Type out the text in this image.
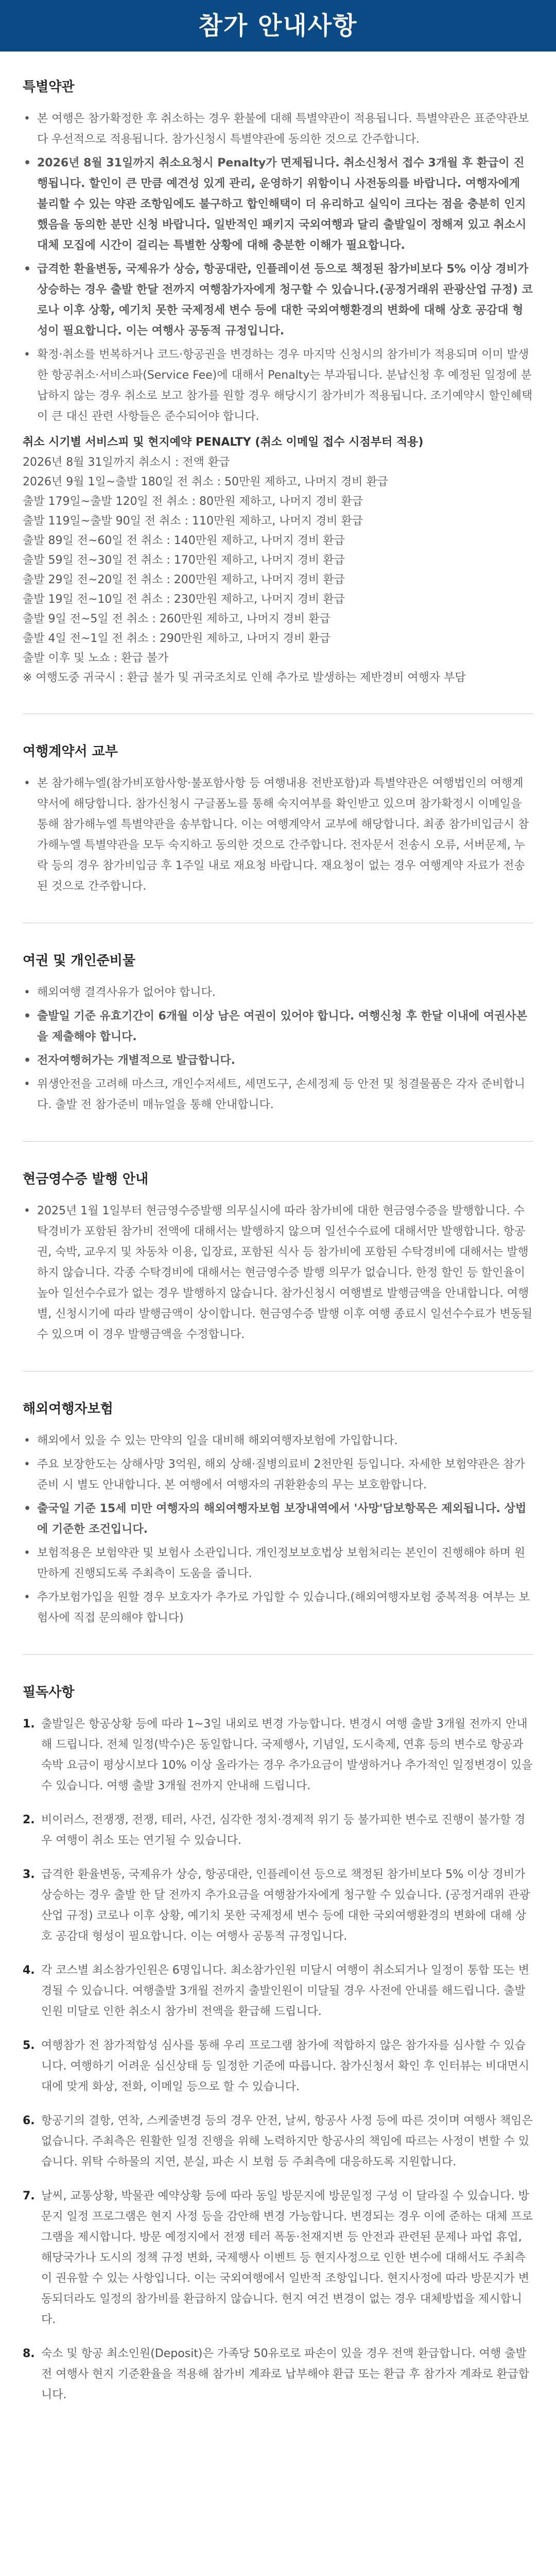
참가 안내사항
특별약관
• 본 여행은 참가확정한 후 취소하는 경우 환불에 대해 특별약관이 적용됩니다. 특별약관은 표준약관보다 우선적으로 적용됩니다. 참가신청시 특별약관에 동의한 것으로 간주합니다.
• 2026년 8월 31일까지 취소요청시 Penalty가 면제됩니다. 취소신청서 접수 3개월 후 환급이 진행됩니다. 할인이 큰 만큼 예견성 있게 관리, 운영하기 위함이니 사전동의를 바랍니다. 여행자에게 불리할 수 있는 약관 조항임에도 불구하고 합인해택이 더 유리하고 실익이 크다는 점을 충분히 인지했음을 동의한 분만 신청 바랍니다. 일반적인 패키지 국외여행과 달리 출발일이 정해져 있고 취소시 대체 모집에 시간이 걸리는 특별한 상황에 대해 충분한 이해가 필요합니다.
• 급격한 환율변동, 국제유가 상승, 항공대란, 인플레이션 등으로 책정된 참가비보다 5% 이상 경비가 상승하는 경우 출발 한달 전까지 여행참가자에게 청구할 수 있습니다.(공정거래위 관광산업 규정) 코로나 이후 상황, 예기치 못한 국제정세 변수 등에 대한 국외여행환경의 변화에 대해 상호 공감대 형성이 필요합니다. 이는 여행사 공동적 규정입니다.
• 확정·취소를 번복하거나 코드·항공권을 변경하는 경우 마지막 신청시의 참가비가 적용되며 이미 발생한 항공취소·서비스파(Service Fee)에 대해서 Penalty는 부과됩니다. 분납신청 후 예정된 일정에 분납하지 않는 경우 취소로 보고 참가를 원할 경우 해당시기 참가비가 적용됩니다. 조기예약시 할인혜택이 큰 대신 관련 사항들은 준수되어야 합니다.
취소 시기별 서비스피 및 현지예약 PENALTY (취소 이메일 접수 시점부터 적용)

2026년 8월 31일까지 취소시 : 전액 환급

2026년 9월 1일~출발 180일 전 취소 : 50만원 제하고, 나머지 경비 환급

출발 179일~출발 120일 전 취소 : 80만원 제하고, 나머지 경비 환급

출발 119일~출발 90일 전 취소 : 110만원 제하고, 나머지 경비 환급

출발 89일 전~60일 전 취소 : 140만원 제하고, 나머지 경비 환급

출발 59일 전~30일 전 취소 : 170만원 제하고, 나머지 경비 환급

출발 29일 전~20일 전 취소 : 200만원 제하고, 나머지 경비 환급

출발 19일 전~10일 전 취소 : 230만원 제하고, 나머지 경비 환급

출발 9일 전~5일 전 취소 : 260만원 제하고, 나머지 경비 환급

출발 4일 전~1일 전 취소 : 290만원 제하고, 나머지 경비 환급

출발 이후 및 노쇼 : 환급 불가

※ 여행도중 귀국시 : 환급 불가 및 귀국조치로 인해 추가로 발생하는 제반경비 여행자 부담

여행계약서 교부
• 본 참가해누엘(참가비포함사항·불포함사항 등 여행내용 전반포함)과 특별약관은 여행법인의 여행계약서에 해당합니다. 참가신청시 구글폼노를 통해 숙지여부를 확인받고 있으며 참가확정시 이메일을 통해 참가해누엘 특별약관을 송부합니다. 이는 여행계약서 교부에 해당합니다. 최종 참가비입금시 참가해누엘 특별약관을 모두 숙지하고 동의한 것으로 간주합니다. 전자문서 전송시 오류, 서버문제, 누락 등의 경우 참가비입금 후 1주일 내로 재요청 바랍니다. 재요청이 없는 경우 여행계약 자료가 전송된 것으로 간주합니다.
여권 및 개인준비물
• 해외여행 결격사유가 없어야 합니다.
• 출발일 기준 유효기간이 6개월 이상 남은 여권이 있어야 합니다. 여행신청 후 한달 이내에 여권사본을 제출해야 합니다.
• 전자여행허가는 개별적으로 발급합니다.
• 위생안전을 고려해 마스크, 개인수저세트, 세면도구, 손세정제 등 안전 및 청결물품은 각자 준비합니다. 출발 전 참가준비 매뉴얼을 통해 안내합니다.
현금영수증 발행 안내
• 2025년 1월 1일부터 현금영수증발행 의무실시에 따라 참가비에 대한 현금영수증을 발행합니다. 수탁경비가 포함된 참가비 전액에 대해서는 발행하지 않으며 일선수수료에 대해서만 발행합니다. 항공권, 숙박, 교우지 및 차동차 이용, 입장료, 포함된 식사 등 참가비에 포함된 수탁경비에 대해서는 발행하지 않습니다. 각종 수탁경비에 대해서는 현금영수증 발행 의무가 없습니다. 한정 할인 등 할인율이 높아 일선수수료가 없는 경우 발행하지 않습니다. 참가신청시 여행별로 발행금액을 안내합니다. 여행별, 신청시기에 따라 발행금액이 상이합니다. 현금영수증 발행 이후 여행 종료시 일선수수료가 변동될 수 있으며 이 경우 발행금액을 수정합니다.
해외여행자보험
• 해외에서 있을 수 있는 만약의 일을 대비해 해외여행자보험에 가입합니다.
• 주요 보장한도는 상해사망 3억원, 해외 상해·질병의료비 2천만원 등입니다. 자세한 보험약관은 참가준비 시 별도 안내합니다. 본 여행에서 여행자의 귀환환송의 무는 보호함합니다.
• 출국일 기준 15세 미만 여행자의 해외여행자보험 보장내역에서 '사망'담보항목은 제외됩니다. 상법에 기준한 조건입니다.
• 보험적용은 보험약관 및 보험사 소관입니다. 개인정보보호법상 보험처리는 본인이 진행해야 하며 원만하게 진행되도록 주최측이 도움을 줍니다.
• 추가보험가입을 원할 경우 보호자가 추가로 가입할 수 있습니다.(해외여행자보험 중복적용 여부는 보험사에 직접 문의해야 합니다)
필독사항
1. 출발일은 항공상황 등에 따라 1~3일 내외로 변경 가능합니다. 변경시 여행 출발 3개월 전까지 안내해 드립니다. 전체 일정(박수)은 동일합니다. 국제행사, 기념일, 도시축제, 연휴 등의 변수로 항공과 숙박 요금이 평상시보다 10% 이상 올라가는 경우 추가요금이 발생하거나 추가적인 일정변경이 있을 수 있습니다. 여행 출발 3개월 전까지 안내해 드립니다.
2. 비이러스, 전쟁쟁, 전쟁, 테러, 사건, 심각한 정치·경제적 위기 등 불가피한 변수로 진행이 불가할 경우 여행이 취소 또는 연기될 수 있습니다.
3. 급격한 환율변동, 국제유가 상승, 항공대란, 인플레이션 등으로 책정된 참가비보다 5% 이상 경비가 상승하는 경우 출발 한 달 전까지 추가요금을 여행참가자에게 청구할 수 있습니다. (공정거래위 관광산업 규정) 코로나 이후 상황, 예기치 못한 국제정세 변수 등에 대한 국외여행환경의 변화에 대해 상호 공감대 형성이 필요합니다. 이는 여행사 공통적 규정입니다.
4. 각 코스별 최소참가인원은 6명입니다. 최소참가인원 미달시 여행이 취소되거나 일정이 통합 또는 변경될 수 있습니다. 여행출발 3개월 전까지 출발인원이 미달될 경우 사전에 안내를 해드립니다. 출발인원 미달로 인한 취소시 참가비 전액을 환급해 드립니다.
5. 여행참가 전 참가적합성 심사를 통해 우리 프로그램 참가에 적합하지 않은 참가자를 심사할 수 있습니다. 여행하기 어려운 심신상태 등 일정한 기준에 따릅니다. 참가신청서 확인 후 인터뷰는 비대면시대에 맞게 화상, 전화, 이메일 등으로 할 수 있습니다.
6. 항공기의 결항, 연착, 스케줄변경 등의 경우 안전, 날씨, 항공사 사정 등에 따른 것이며 여행사 책임은 없습니다. 주최측은 원활한 일정 진행을 위해 노력하지만 항공사의 책임에 따르는 사정이 변할 수 있습니다. 위탁 수하물의 지연, 분실, 파손 시 보험 등 주최측에 대응하도록 지원합니다.
7. 날씨, 교통상황, 박물관 예약상황 등에 따라 동일 방문지에 방문일정 구성 이 달라질 수 있습니다. 방문지 일정 프로그램은 현지 사정 등을 감안해 변경 가능합니다. 변경되는 경우 이에 준하는 대체 프로그램을 제시합니다. 방문 예정지에서 전쟁 테러 폭동·천재지변 등 안전과 관련된 문제나 파업 휴업, 해당국가나 도시의 정책 규정 변화, 국제행사 이벤트 등 현지사정으로 인한 변수에 대해서도 주최측이 권유할 수 있는 사항입니다. 이는 국외여행에서 일반적 조항입니다. 현지사정에 따라 방문지가 변동되더라도 일정의 참가비를 환급하지 않습니다. 현지 여건 변경이 없는 경우 대체방법을 제시합니다.
8. 숙소 및 항공 최소인원(Deposit)은 가족당 50유로로 파손이 있을 경우 전액 환급합니다. 여행 출발 전 여행사 현지 기준환율을 적용해 참가비 계좌로 납부해야 환급 또는 환급 후 참가자 계좌로 환급합니다.
